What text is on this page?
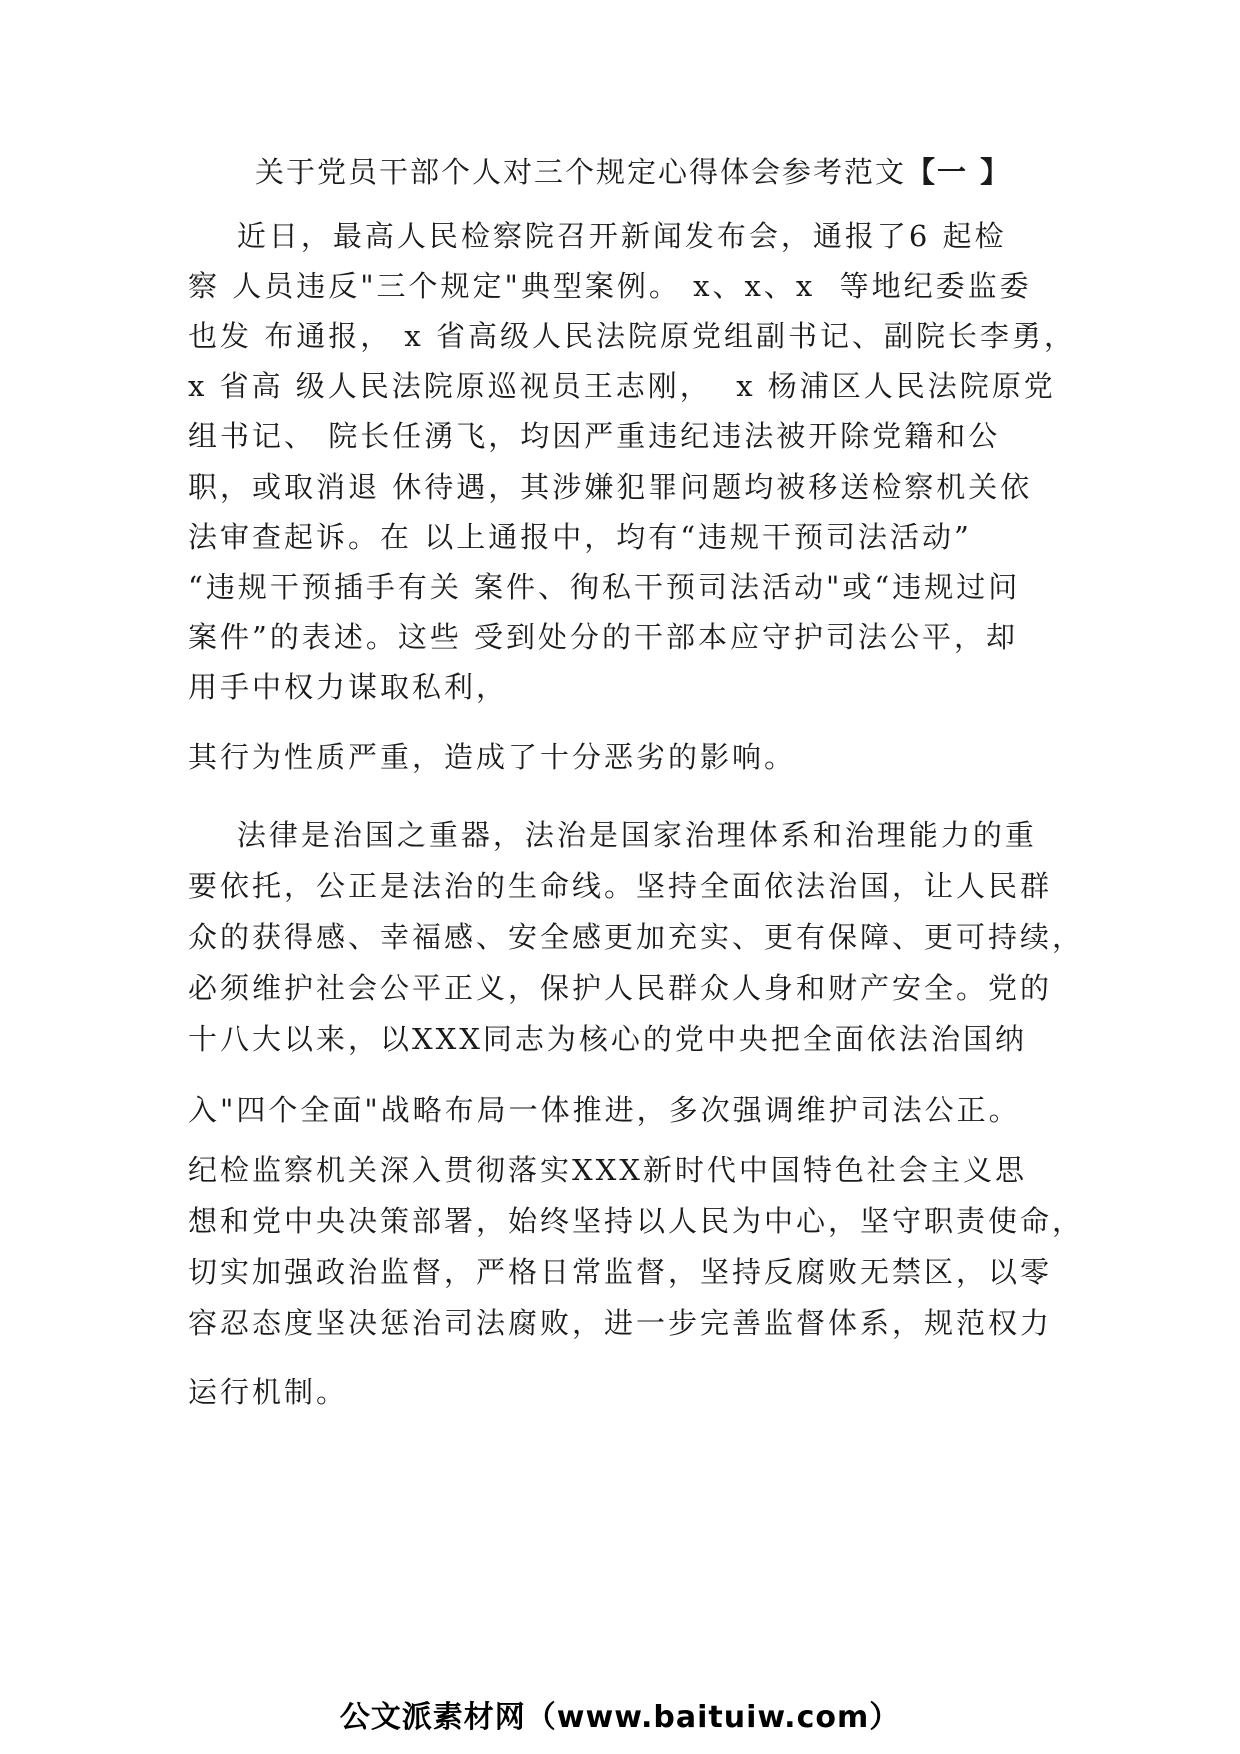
关于党员干部个人对三个规定心得体会参考范文【一 】
近日，最高人民检察院召开新闻发布会，通报了6 起检
察 人员违反"三个规定"典型案例。 x、x、x  等地纪委监委
也发 布通报， x 省高级人民法院原党组副书记、副院长李勇，
x 省高 级人民法院原巡视员王志刚，  x 杨浦区人民法院原党
组书记、 院长任湧飞，均因严重违纪违法被开除党籍和公
职，或取消退 休待遇，其涉嫌犯罪问题均被移送检察机关依
法审查起诉。在 以上通报中，均有“违规干预司法活动”
“违规干预插手有关 案件、徇私干预司法活动"或“违规过问
案件”的表述。这些 受到处分的干部本应守护司法公平，却
用手中权力谋取私利，
其行为性质严重，造成了十分恶劣的影响。
法律是治国之重器，法治是国家治理体系和治理能力的重
要依托，公正是法治的生命线。坚持全面依法治国，让人民群
众的获得感、幸福感、安全感更加充实、更有保障、更可持续，
必须维护社会公平正义，保护人民群众人身和财产安全。党的
十八大以来，以XXX同志为核心的党中央把全面依法治国纳
入"四个全面"战略布局一体推进，多次强调维护司法公正。
纪检监察机关深入贯彻落实XXX新时代中国特色社会主义思
想和党中央决策部署，始终坚持以人民为中心，坚守职责使命，
切实加强政治监督，严格日常监督，坚持反腐败无禁区，以零
容忍态度坚决惩治司法腐败，进一步完善监督体系，规范权力
运行机制。
公文派素材网（www.baituiw.com）
